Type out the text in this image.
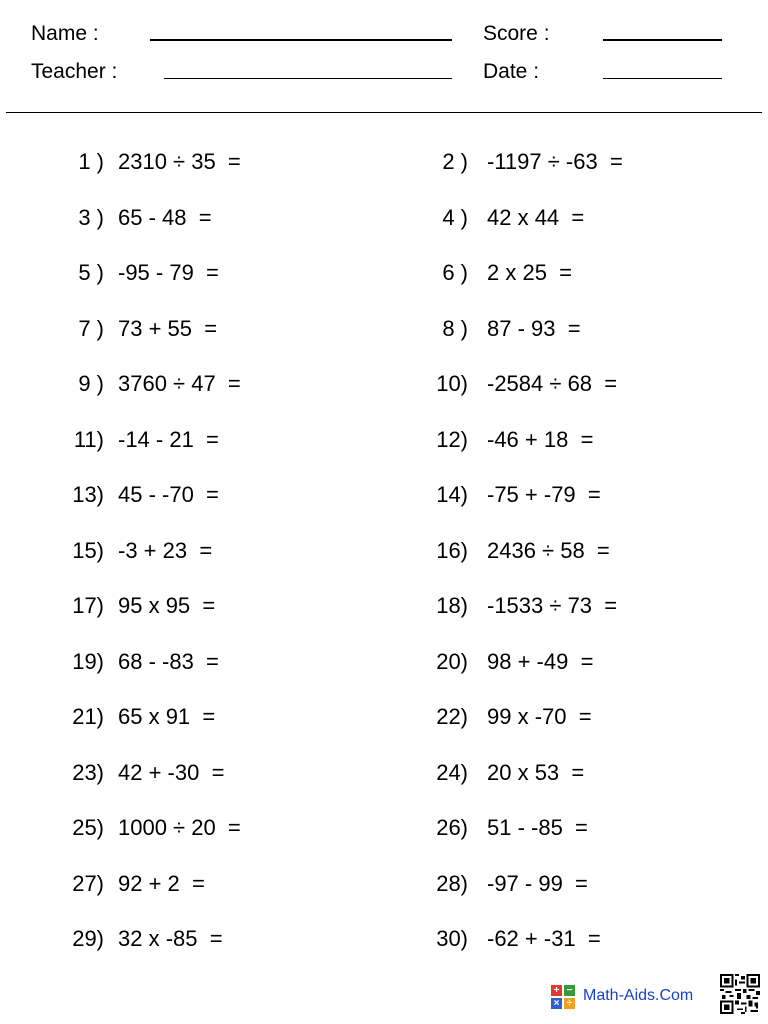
Name :
Teacher :
Score :
Date :
1 ) 2310 ÷ 35  =	2 ) -1197 ÷ -63  =
3 ) 65 - 48  =	4 ) 42 x 44  =
5 ) -95 - 79  =	6 ) 2 x 25  =
7 ) 73 + 55  =	8 ) 87 - 93  =
9 ) 3760 ÷ 47  =	10) -2584 ÷ 68  =
11) -14 - 21  =	12) -46 + 18  =
13) 45 - -70  =	14) -75 + -79  =
15) -3 + 23  =	16) 2436 ÷ 58  =
17) 95 x 95  =	18) -1533 ÷ 73  =
19) 68 - -83  =	20) 98 + -49  =
21) 65 x 91  =	22) 99 x -70  =
23) 42 + -30  =	24) 20 x 53  =
25) 1000 ÷ 20  =	26) 51 - -85  =
27) 92 + 2  =	28) -97 - 99  =
29) 32 x -85  =	30) -62 + -31  =
+ −
× ÷ Math-Aids.Com
